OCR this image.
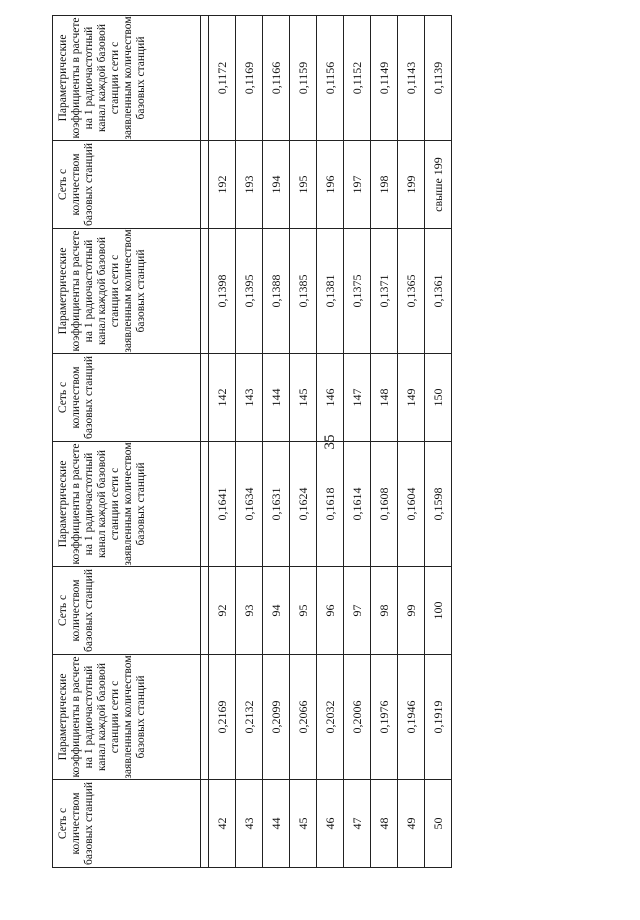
35
Сеть с количеством базовых станций	Параметрические коэффициенты в расчете на 1 радиочастотный канал каждой базовой станции сети с заявленным количеством базовых станций	Сеть с количеством базовых станций	Параметрические коэффициенты в расчете на 1 радиочастотный канал каждой базовой станции сети с заявленным количеством базовых станций	Сеть с количеством базовых станций	Параметрические коэффициенты в расчете на 1 радиочастотный канал каждой базовой станции сети с заявленным количеством базовых станций	Сеть с количеством базовых станций	Параметрические коэффициенты в расчете на 1 радиочастотный канал каждой базовой станции сети с заявленным количеством базовых станций

42	0,2169	92	0,1641	142	0,1398	192	0,1172
43	0,2132	93	0,1634	143	0,1395	193	0,1169
44	0,2099	94	0,1631	144	0,1388	194	0,1166
45	0,2066	95	0,1624	145	0,1385	195	0,1159
46	0,2032	96	0,1618	146	0,1381	196	0,1156
47	0,2006	97	0,1614	147	0,1375	197	0,1152
48	0,1976	98	0,1608	148	0,1371	198	0,1149
49	0,1946	99	0,1604	149	0,1365	199	0,1143
50	0,1919	100	0,1598	150	0,1361	свыше 199	0,1139
